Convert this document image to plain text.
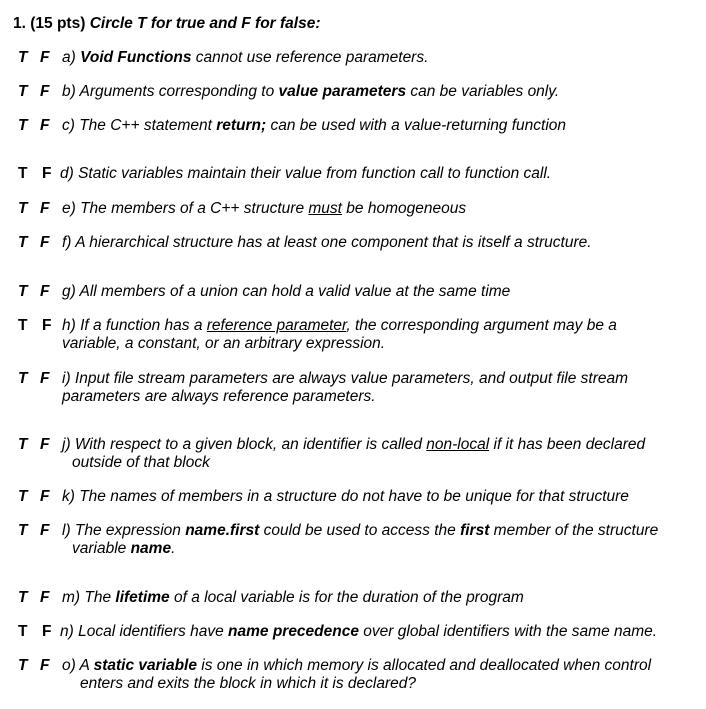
1. (15 pts) Circle T for true and F for false:
T F a) Void Functions cannot use reference parameters.
T F b) Arguments corresponding to value parameters can be variables only.
T F c) The C++ statement return; can be used with a value-returning function
T F d) Static variables maintain their value from function call to function call.
T F e) The members of a C++ structure must be homogeneous
T F f) A hierarchical structure has at least one component that is itself a structure.
T F g) All members of a union can hold a valid value at the same time
T F h) If a function has a reference parameter, the corresponding argument may be a
variable, a constant, or an arbitrary expression.
T F i) Input file stream parameters are always value parameters, and output file stream
parameters are always reference parameters.
T F j) With respect to a given block, an identifier is called non-local if it has been declared
outside of that block
T F k) The names of members in a structure do not have to be unique for that structure
T F l) The expression name.first could be used to access the first member of the structure
variable name.
T F m) The lifetime of a local variable is for the duration of the program
T F n) Local identifiers have name precedence over global identifiers with the same name.
T F o) A static variable is one in which memory is allocated and deallocated when control
enters and exits the block in which it is declared?
